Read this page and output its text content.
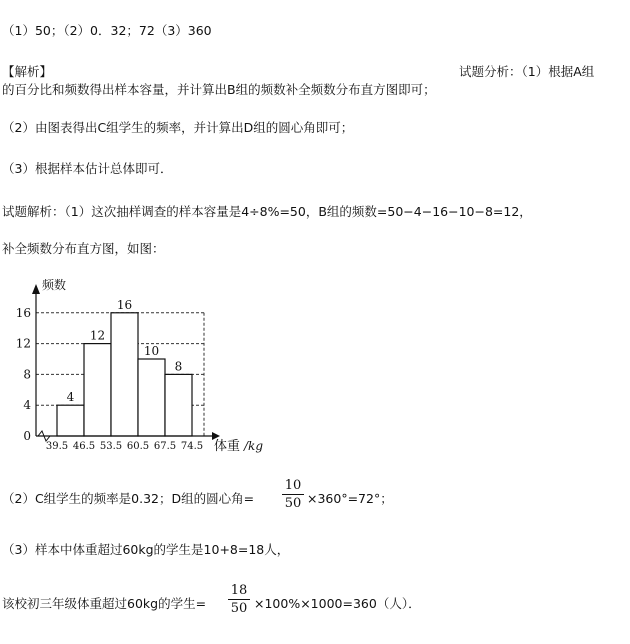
（1）50；（2）0．32；72（3）360
【解析】	试题分析：（1）根据A组
的百分比和频数得出样本容量，并计算出B组的频数补全频数分布直方图即可；
（2）由图表得出C组学生的频率，并计算出D组的圆心角即可；
（3）根据样本估计总体即可．
试题解析：（1）这次抽样调查的样本容量是4÷8%=50，B组的频数=50−4−16−10−8=12，
补全频数分布直方图，如图：
4
12
16
10
8
0
4
8
12
16
39.5 46.5 53.5 60.5 67.5 74.5
频数
体重 /kg
（2）C组学生的频率是0.32；D组的圆心角=
10
50 ×360°=72°；
（3）样本中体重超过60kg的学生是10+8=18人，
该校初三年级体重超过60kg的学生=
18
50 ×100%×1000=360（人）．
